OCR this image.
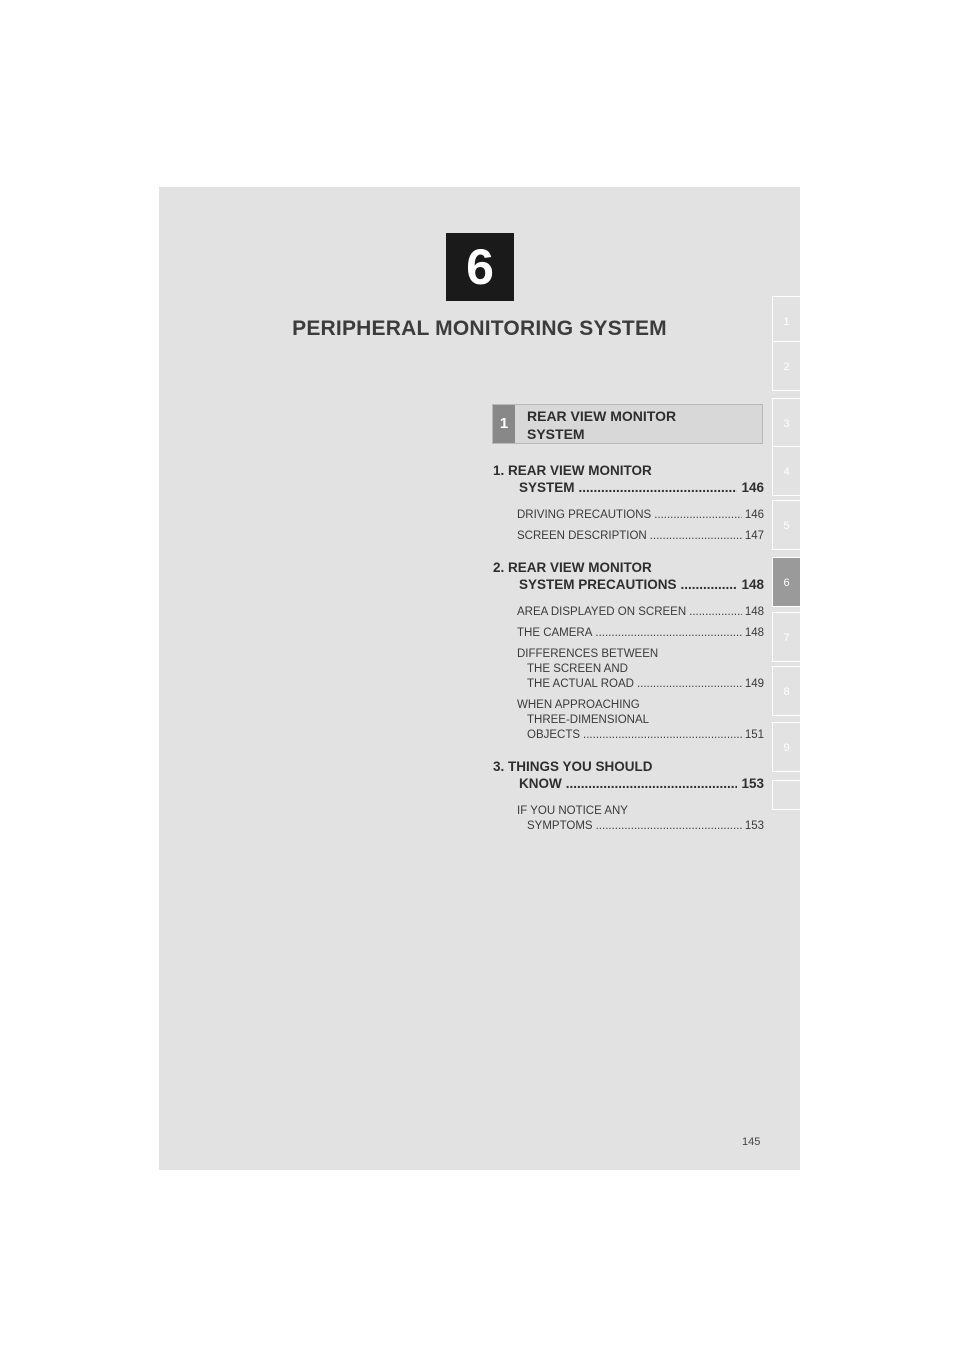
6
PERIPHERAL MONITORING SYSTEM	1
2
3
4
5
6
7
8
9
1	REAR VIEW MONITOR SYSTEM
1. REAR VIEW MONITOR
SYSTEM .....	146
DRIVING PRECAUTIONS .....	146
SCREEN DESCRIPTION .....	147
2. REAR VIEW MONITOR
SYSTEM PRECAUTIONS .....	148
AREA DISPLAYED ON SCREEN .....	148
THE CAMERA .....	148
DIFFERENCES BETWEEN
THE SCREEN AND
THE ACTUAL ROAD .....	149
WHEN APPROACHING
THREE-DIMENSIONAL
OBJECTS .....	151
3. THINGS YOU SHOULD
KNOW .....	153
IF YOU NOTICE ANY
SYMPTOMS .....	153
145
